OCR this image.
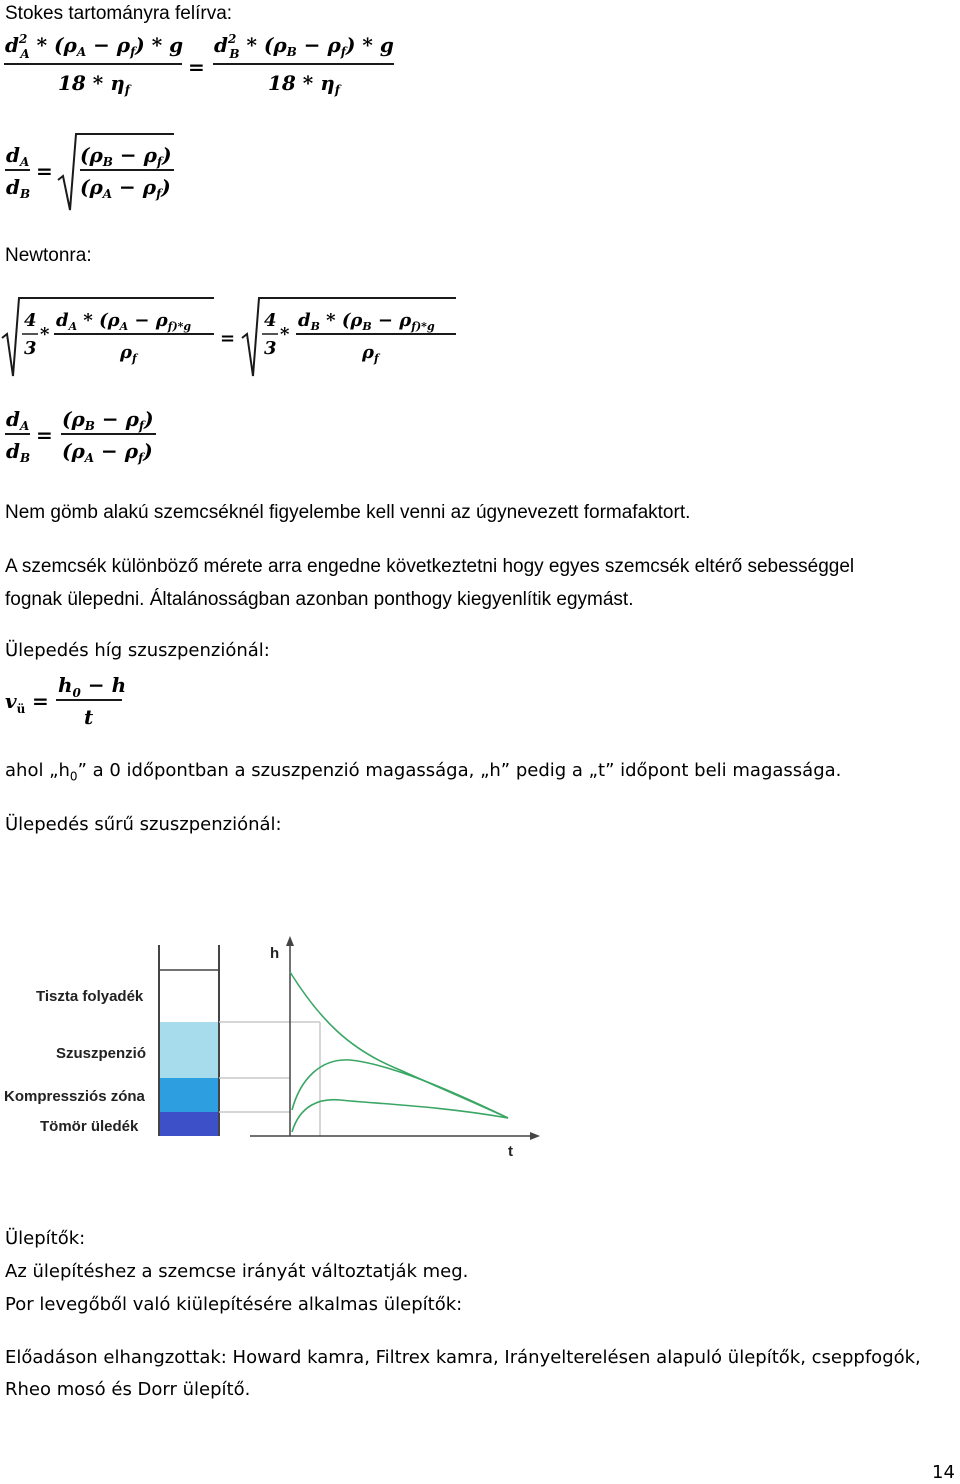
Stokes tartományra felírva:
$d^2$ $A * (\rho_A - \rho_f) * g$
$18 * \eta_f$
=
$d^2$ $B * (\rho_B - \rho_f) * g$
$18 * \eta_f$
$d_A$
$d_B$
=
$(\rho_B - \rho_f)$
$(\rho_A - \rho_f)$
Newtonra:
4
3
*
$d_A * (\rho_A - \rho_{f)*g}$
$\rho_f$
=
4
3
*
$d_B * (\rho_B - \rho_{f)*g}$
$\rho_f$
$d_A$
$d_B$
=
$(\rho_B - \rho_f)$
$(\rho_A - \rho_f)$
Nem gömb alakú szemcséknél figyelembe kell venni az úgynevezett formafaktort.
A szemcsék különböző mérete arra engedne következtetni hogy egyes szemcsék eltérő sebességgel
fognak ülepedni. Általánosságban azonban ponthogy kiegyenlítik egymást.
Ülepedés híg szuszpenziónál:
$v_ü$ =
$h_0 - h$
t
ahol $„h_0$” a 0 időpontban a szuszpenzió magassága, „h” pedig a „t” időpont beli magassága.
Ülepedés sűrű szuszpenziónál:
Tiszta folyadék
Szuszpenzió
Kompressziós zóna
Tömör üledék
h
t
Ülepítők:
Az ülepítéshez a szemcse irányát változtatják meg.
Por levegőből való kiülepítésére alkalmas ülepítők:
Előadáson elhangzottak: Howard kamra, Filtrex kamra, Irányelterelésen alapuló ülepítők, cseppfogók,
Rheo mosó és Dorr ülepítő.
14
